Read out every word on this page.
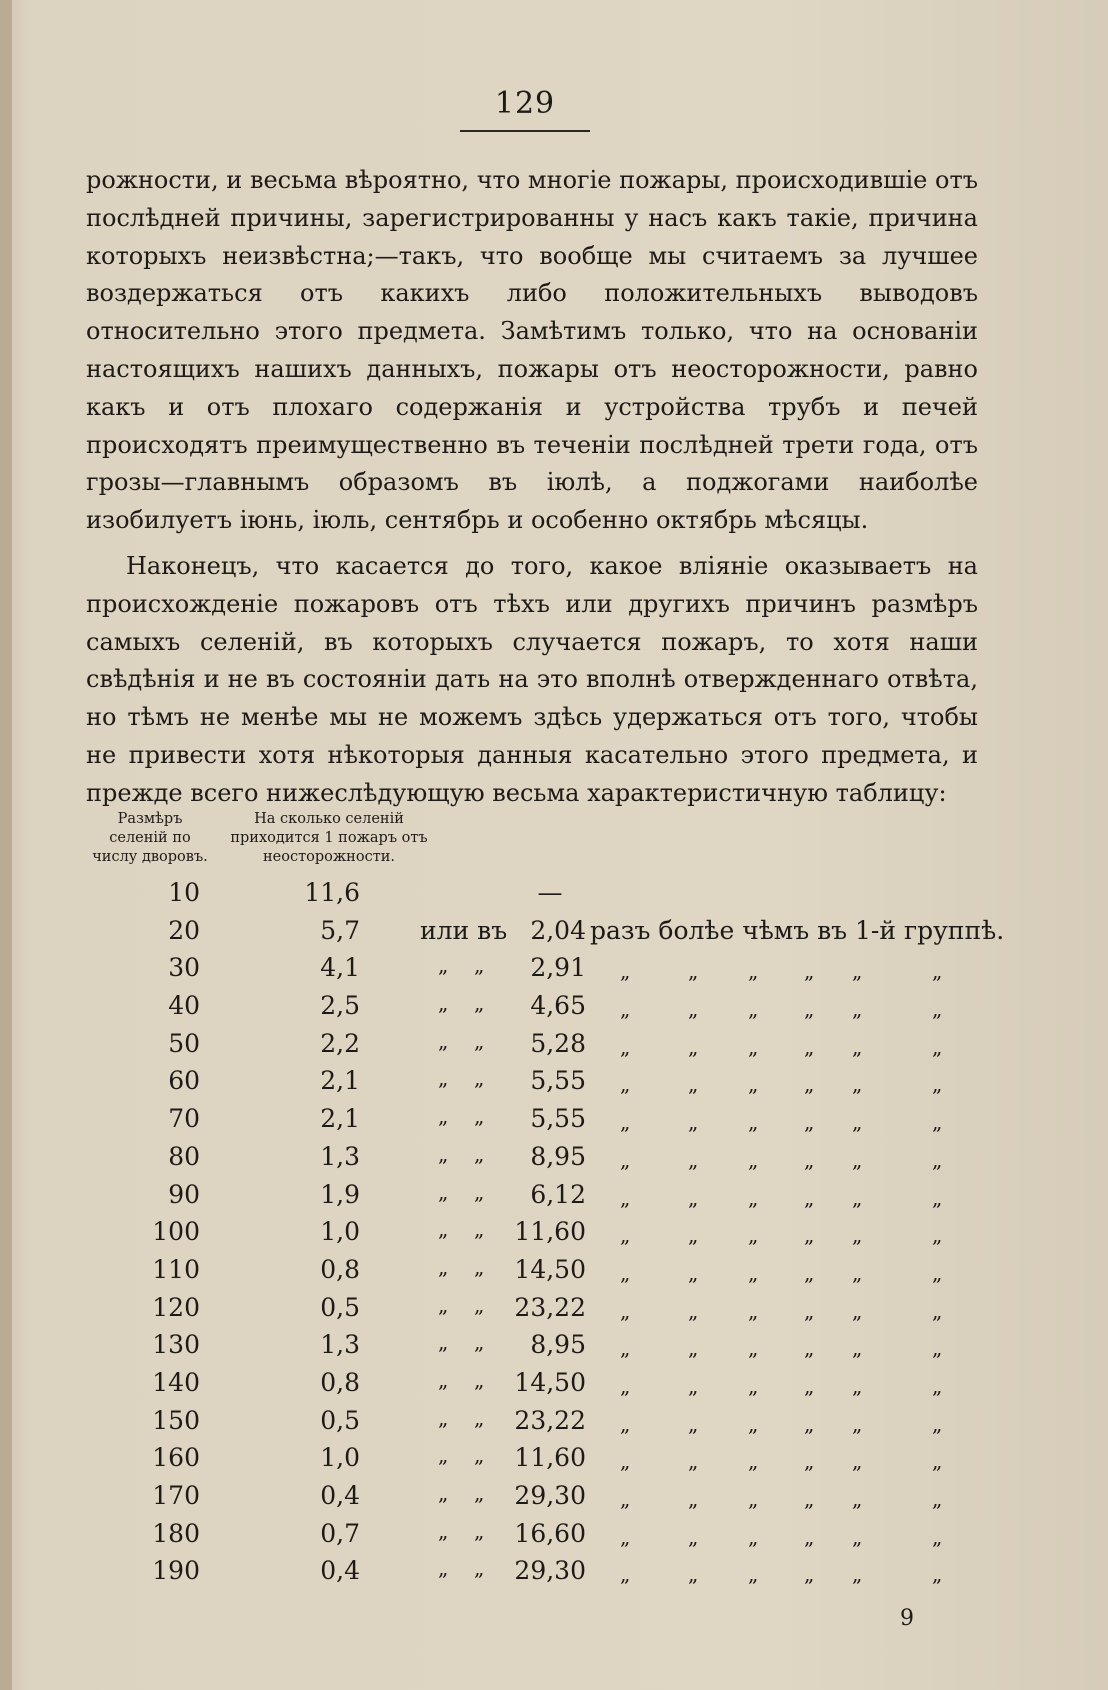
129

рожности, и весьма вѣроятно, что многіе пожары, происходившіе отъ послѣдней причины, зарегистрированны у насъ какъ такіе, причина которыхъ неизвѣстна;—такъ, что вообще мы считаемъ за лучшее воздержаться отъ какихъ либо положительныхъ выводовъ относительно этого предмета. Замѣтимъ только, что на основаніи настоящихъ нашихъ данныхъ, пожары отъ неосторожности, равно какъ и отъ плохаго содержанія и устройства трубъ и печей происходятъ преимущественно въ теченіи послѣдней трети года, отъ грозы—главнымъ образомъ въ іюлѣ, а поджогами наиболѣе изобилуетъ іюнь, іюль, сентябрь и особенно октябрь мѣсяцы.

Наконецъ, что касается до того, какое вліяніе оказываетъ на происхожденіе пожаровъ отъ тѣхъ или другихъ причинъ размѣръ самыхъ селеній, въ которыхъ случается пожаръ, то хотя наши свѣдѣнія и не въ состояніи дать на это вполнѣ отвержденнаго отвѣта, но тѣмъ не менѣе мы не можемъ здѣсь удержаться отъ того, чтобы не привести хотя нѣкоторыя данныя касательно этого предмета, и прежде всего нижеслѣдующую весьма характеристичную таблицу:

Размѣръ селеній по числу дворовъ.
На сколько селеній приходится 1 пожаръ отъ неосторожности.
10	11,6	—
20	5,7 или въ 2,04 разъ болѣе чѣмъ въ 1-й группѣ.
30	4,1	„ „	2,91 „	„ „ „ „	„
40	2,5	„ „	4,65 „	„ „ „ „	„
50	2,2	„ „	5,28 „	„ „ „ „	„
60	2,1	„ „	5,55 „	„ „ „ „	„
70	2,1	„ „	5,55 „	„ „ „ „	„
80	1,3	„ „	8,95 „	„ „ „ „	„
90	1,9	„ „	6,12 „	„ „ „ „	„
100	1,0	„ „	11,60 „	„ „ „ „	„
110	0,8	„ „	14,50 „	„ „ „ „	„
120	0,5	„ „	23,22 „	„ „ „ „	„
130	1,3	„ „	8,95 „	„ „ „ „	„
140	0,8	„ „	14,50 „	„ „ „ „	„
150	0,5	„ „	23,22 „	„ „ „ „	„
160	1,0	„ „	11,60 „	„ „ „ „	„
170	0,4	„ „	29,30 „	„ „ „ „	„
180	0,7	„ „	16,60 „	„ „ „ „	„
190	0,4	„ „	29,30 „	„ „ „ „	„
9
